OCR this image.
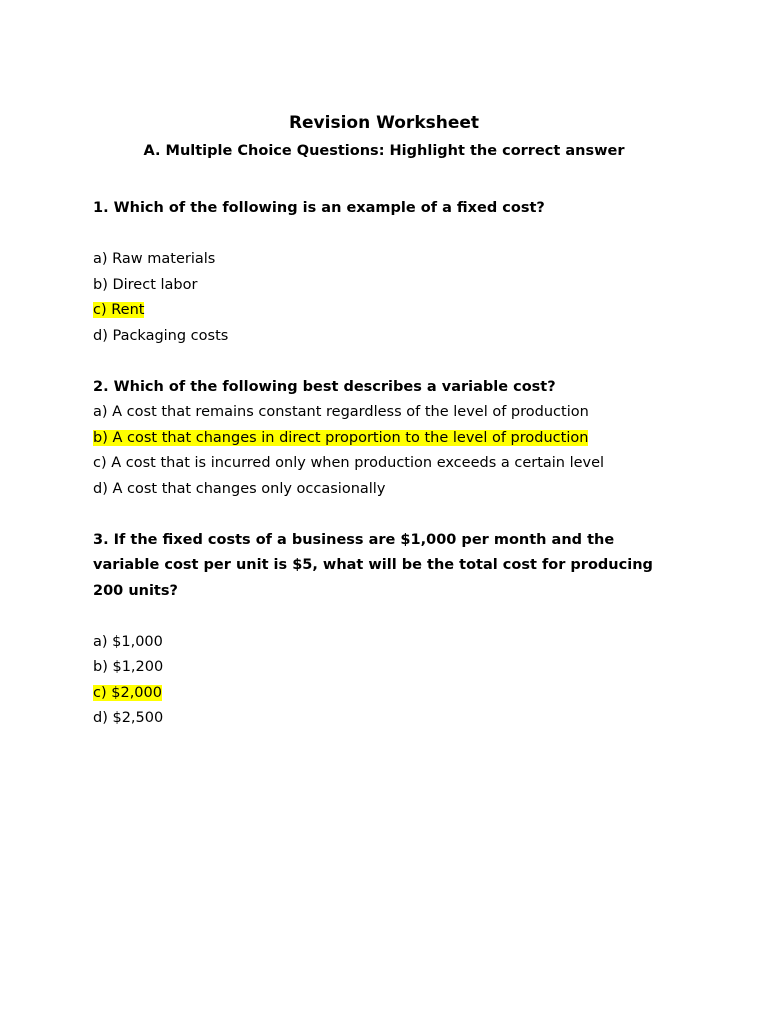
Revision Worksheet
A. Multiple Choice Questions: Highlight the correct answer

1. Which of the following is an example of a fixed cost?

a) Raw materials

b) Direct labor

c) Rent

d) Packaging costs

2. Which of the following best describes a variable cost?

a) A cost that remains constant regardless of the level of production

b) A cost that changes in direct proportion to the level of production

c) A cost that is incurred only when production exceeds a certain level

d) A cost that changes only occasionally

3. If the fixed costs of a business are $1,000 per month and the variable cost per unit is $5, what will be the total cost for producing 200 units?

a) $1,000

b) $1,200

c) $2,000

d) $2,500
